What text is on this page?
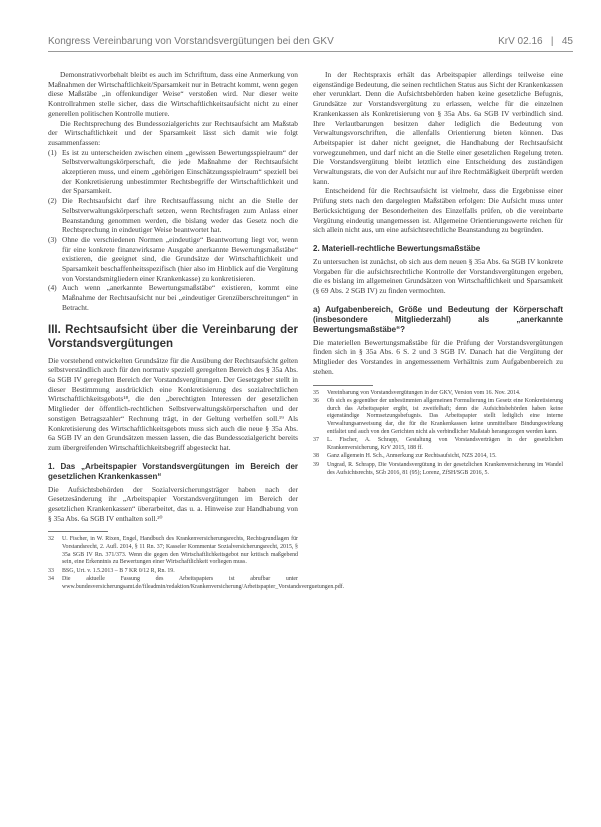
Kongress Vereinbarung von Vorstandsvergütungen bei den GKV	KrV 02.16   |   45

Demonstrativvorbehalt bleibt es auch im Schrifttum, dass eine Anmerkung von Maßnahmen der Wirtschaftlichkeit/Sparsamkeit nur in Betracht kommt, wenn gegen diese Maßstäbe „in offenkundiger Weise“ verstoßen wird. Nur dieser weite Kontrollrahmen stelle sicher, dass die Wirtschaftlichkeitsaufsicht nicht zu einer generellen politischen Kontrolle mutiere.

Die Rechtsprechung des Bundessozialgerichts zur Rechtsaufsicht am Maßstab der Wirtschaftlichkeit und der Sparsamkeit lässt sich damit wie folgt zusammenfassen:

(1) Es ist zu unterscheiden zwischen einem „gewissen Bewertungsspielraum“ der Selbstverwaltungskörperschaft, die jede Maßnahme der Rechtsaufsicht akzeptieren muss, und einem „gehörigen Einschätzungsspielraum“ speziell bei der Konkretisierung unbestimmter Rechtsbegriffe der Wirtschaftlichkeit und der Sparsamkeit.
(2) Die Rechtsaufsicht darf ihre Rechtsauffassung nicht an die Stelle der Selbstverwaltungskörperschaft setzen, wenn Rechtsfragen zum Anlass einer Beanstandung genommen werden, die bislang weder das Gesetz noch die Rechtsprechung in eindeutiger Weise beantwortet hat.
(3) Ohne die verschiedenen Normen „eindeutige“ Beantwortung liegt vor, wenn für eine konkrete finanzwirksame Ausgabe anerkannte Bewertungsmaßstäbe“ existieren, die geeignet sind, die Grundsätze der Wirtschaftlichkeit und Sparsamkeit beschaffenheitsspezifisch (hier also im Hinblick auf die Vergütung von Vorstandsmitgliedern einer Krankenkasse) zu konkretisieren.
(4) Auch wenn „anerkannte Bewertungsmaßstäbe“ existieren, kommt eine Maßnahme der Rechtsaufsicht nur bei „eindeutiger Grenzüberschreitungen“ in Betracht.
III. Rechtsaufsicht über die Vereinbarung der Vorstandsvergütungen

Die vorstehend entwickelten Grundsätze für die Ausübung der Rechtsaufsicht gelten selbstverständlich auch für den normativ speziell geregelten Bereich des § 35a Abs. 6a SGB IV geregelten Bereich der Vorstandsvergütungen. Der Gesetzgeber stellt in dieser Bestimmung ausdrücklich eine Konkretisierung des sozialrechtlichen Wirtschaftlichkeitsgebots¹⁸, die den „berechtigten Interessen der gesetzlichen Mitglieder der öffentlich-rechtlichen Selbstverwaltungskörperschaften und der sonstigen Betragszahler“ Rechnung trägt, in der Geltung verhelfen soll.¹⁹ Als Konkretisierung des Wirtschaftlichkeitsgebots muss sich auch die neue § 35a Abs. 6a SGB IV an den Grundsätzen messen lassen, die das Bundessozialgericht bereits zum übergreifenden Wirtschaftlichkeitsbegriff abgesteckt hat.

1. Das „Arbeitspapier Vorstandsvergütungen im Bereich der gesetzlichen Krankenkassen“

Die Aufsichtsbehörden der Sozialversicherungsträger haben nach der Gesetzesänderung ihr „Arbeitspapier Vorstandsvergütungen im Bereich der gesetzlichen Krankenkassen“ überarbeitet, das u. a. Hinweise zur Handhabung von § 35a Abs. 6a SGB IV enthalten soll.²⁰

32 U. Fischer, in W. Rixen, Engel, Handbuch des Krankenversicherungsrechts, Rechtsgrundlagen für Vorstandsrecht, 2. Aufl. 2014, § 11 Rn. 37; Kasseler Kommentar Sozialversicherungsrecht, 2015, § 35a SGB IV Rn. 371/373. Wenn die gegen den Wirtschaftlichkeitsgebot nur kritisch maßgebend sein, eine Erkenntnis zu Bewertungen einer Wirtschaftlichkeit vorliegen muss.
33 BSG, Urt. v. 1.5.2013 – B 7 KR 0/12 R, Rn. 19.
34 Die aktuelle Fassung des Arbeitspapiers ist abrufbar unter www.bundesversicherungsamt.de/fileadmin/redaktion/Krankenversicherung/Arbeitspapier_Vorstandsverguetungen.pdf.

In der Rechtspraxis erhält das Arbeitspapier allerdings teilweise eine eigenständige Bedeutung, die seinen rechtlichen Status aus Sicht der Krankenkassen eher verunklart. Denn die Aufsichtsbehörden haben keine gesetzliche Befugnis, Grundsätze zur Vorstandsvergütung zu erlassen, welche für die einzelnen Krankenkassen als Konkretisierung von § 35a Abs. 6a SGB IV verbindlich sind. Ihre Verlautbarungen besitzen daher lediglich die Bedeutung von Verwaltungsvorschriften, die allenfalls Orientierung bieten können. Das Arbeitspapier ist daher nicht geeignet, die Handhabung der Rechtsaufsicht vorwegzunehmen, und darf nicht an die Stelle einer gesetzlichen Regelung treten. Die Vorstandsvergütung bleibt letztlich eine Entscheidung des zuständigen Verwaltungsrats, die von der Aufsicht nur auf ihre Rechtmäßigkeit überprüft werden kann.

Entscheidend für die Rechtsaufsicht ist vielmehr, dass die Ergebnisse einer Prüfung stets nach den dargelegten Maßstäben erfolgen: Die Aufsicht muss unter Berücksichtigung der Besonderheiten des Einzelfalls prüfen, ob die vereinbarte Vergütung eindeutig unangemessen ist. Allgemeine Orientierungswerte reichen für sich allein nicht aus, um eine aufsichtsrechtliche Beanstandung zu begründen.

2. Materiell-rechtliche Bewertungsmaßstäbe

Zu untersuchen ist zunächst, ob sich aus dem neuen § 35a Abs. 6a SGB IV konkrete Vorgaben für die aufsichtsrechtliche Kontrolle der Vorstandsvergütungen ergeben, die es bislang im allgemeinen Grundsätzen von Wirtschaftlichkeit und Sparsamkeit (§ 69 Abs. 2 SGB IV) zu finden vermochten.

a) Aufgabenbereich, Größe und Bedeutung der Körperschaft (insbesondere Mitgliederzahl) als „anerkannte Bewertungsmaßstäbe“?

Die materiellen Bewertungsmaßstäbe für die Prüfung der Vorstandsvergütungen finden sich in § 35a Abs. 6 S. 2 und 3 SGB IV. Danach hat die Vergütung der Mitglieder des Vorstandes in angemessenem Verhältnis zum Aufgabenbereich zu stehen.

35 Vereinbarung von Vorstandsvergütungen in der GKV, Version vom 16. Nov. 2014.
36 Ob sich es gegenüber der unbestimmten allgemeinen Formulierung im Gesetz eine Konkretisierung durch das Arbeitspapier ergibt, ist zweifelhaft; denn die Aufsichtsbehörden haben keine eigenständige Normsetzungsbefugnis. Das Arbeitspapier stellt lediglich eine interne Verwaltungsanweisung dar, die für die Krankenkassen keine unmittelbare Bindungswirkung entfaltet und auch von den Gerichten nicht als verbindlicher Maßstab herangezogen werden kann.
37 L. Fischer, A. Schrapp, Gestaltung von Vorstandsverträgen in der gesetzlichen Krankenversicherung, KrV 2015, 188 ff.
38 Ganz allgemein H. Sch., Anmerkung zur Rechtsaufsicht, NZS 2014, 15.
39 Ungrad, R. Schrapp, Die Vorstandsvergütung in der gesetzlichen Krankenversicherung im Wandel des Aufsichtsrechts, SGb 2016, 81 (95); Lorenz, ZfSH/SGB 2016, 5.
